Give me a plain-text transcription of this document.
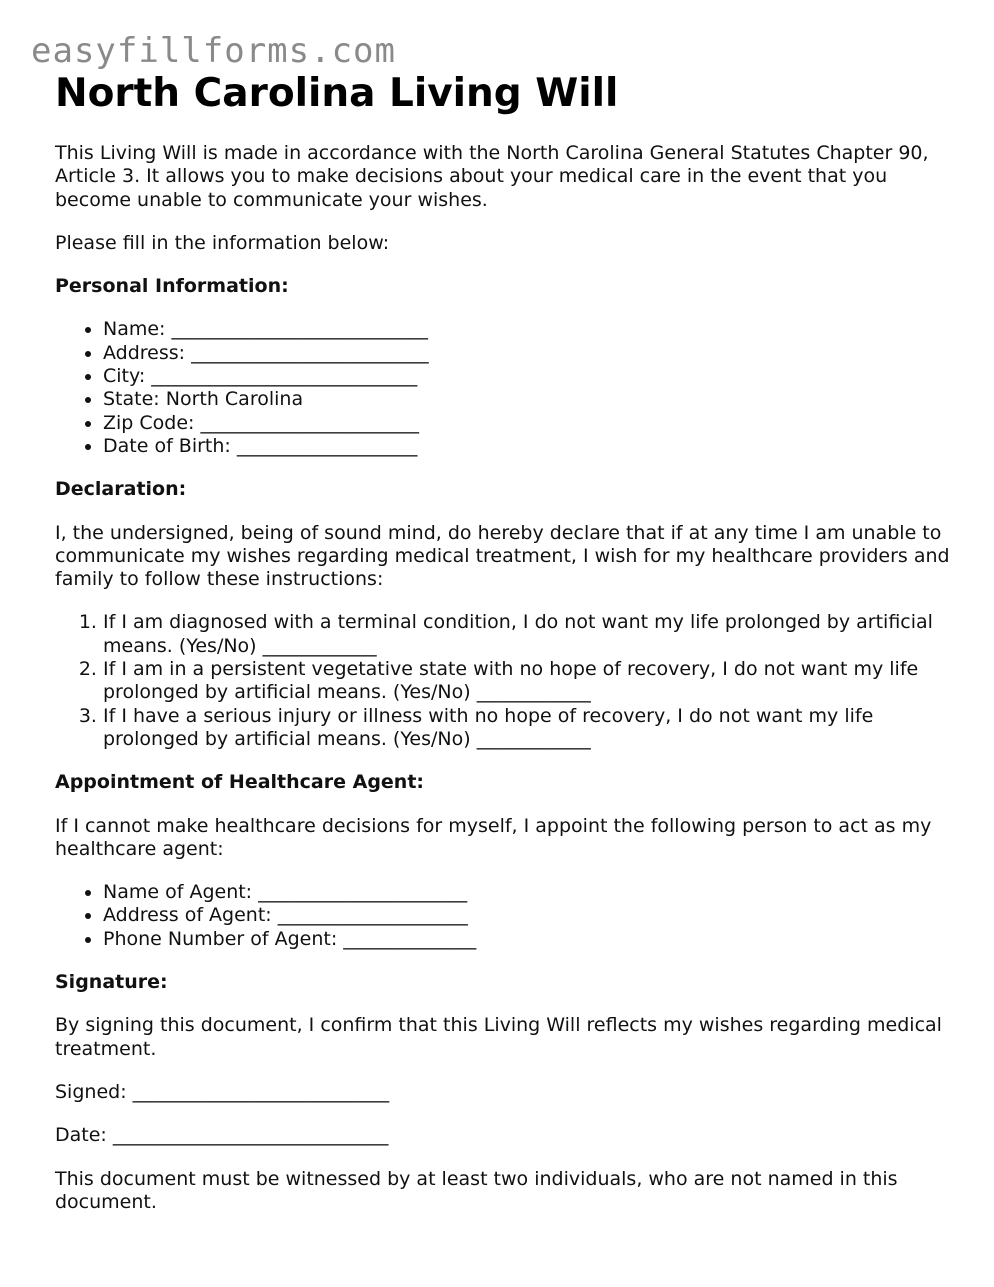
easyfillforms.com
North Carolina Living Will

This Living Will is made in accordance with the North Carolina General Statutes Chapter 90, Article 3. It allows you to make decisions about your medical care in the event that you become unable to communicate your wishes.

Please fill in the information below:

Personal Information:

• Name: ___________________________
• Address: _________________________
• City: ____________________________
• State: North Carolina
• Zip Code: _______________________
• Date of Birth: ___________________

Declaration:

I, the undersigned, being of sound mind, do hereby declare that if at any time I am unable to communicate my wishes regarding medical treatment, I wish for my healthcare providers and family to follow these instructions:

1. If I am diagnosed with a terminal condition, I do not want my life prolonged by artificial means. (Yes/No) ____________
2. If I am in a persistent vegetative state with no hope of recovery, I do not want my life prolonged by artificial means. (Yes/No) ____________
3. If I have a serious injury or illness with no hope of recovery, I do not want my life prolonged by artificial means. (Yes/No) ____________

Appointment of Healthcare Agent:

If I cannot make healthcare decisions for myself, I appoint the following person to act as my healthcare agent:

• Name of Agent: ______________________
• Address of Agent: ____________________
• Phone Number of Agent: ______________

Signature:

By signing this document, I confirm that this Living Will reflects my wishes regarding medical treatment.

Signed: ___________________________

Date: _____________________________

This document must be witnessed by at least two individuals, who are not named in this document.
